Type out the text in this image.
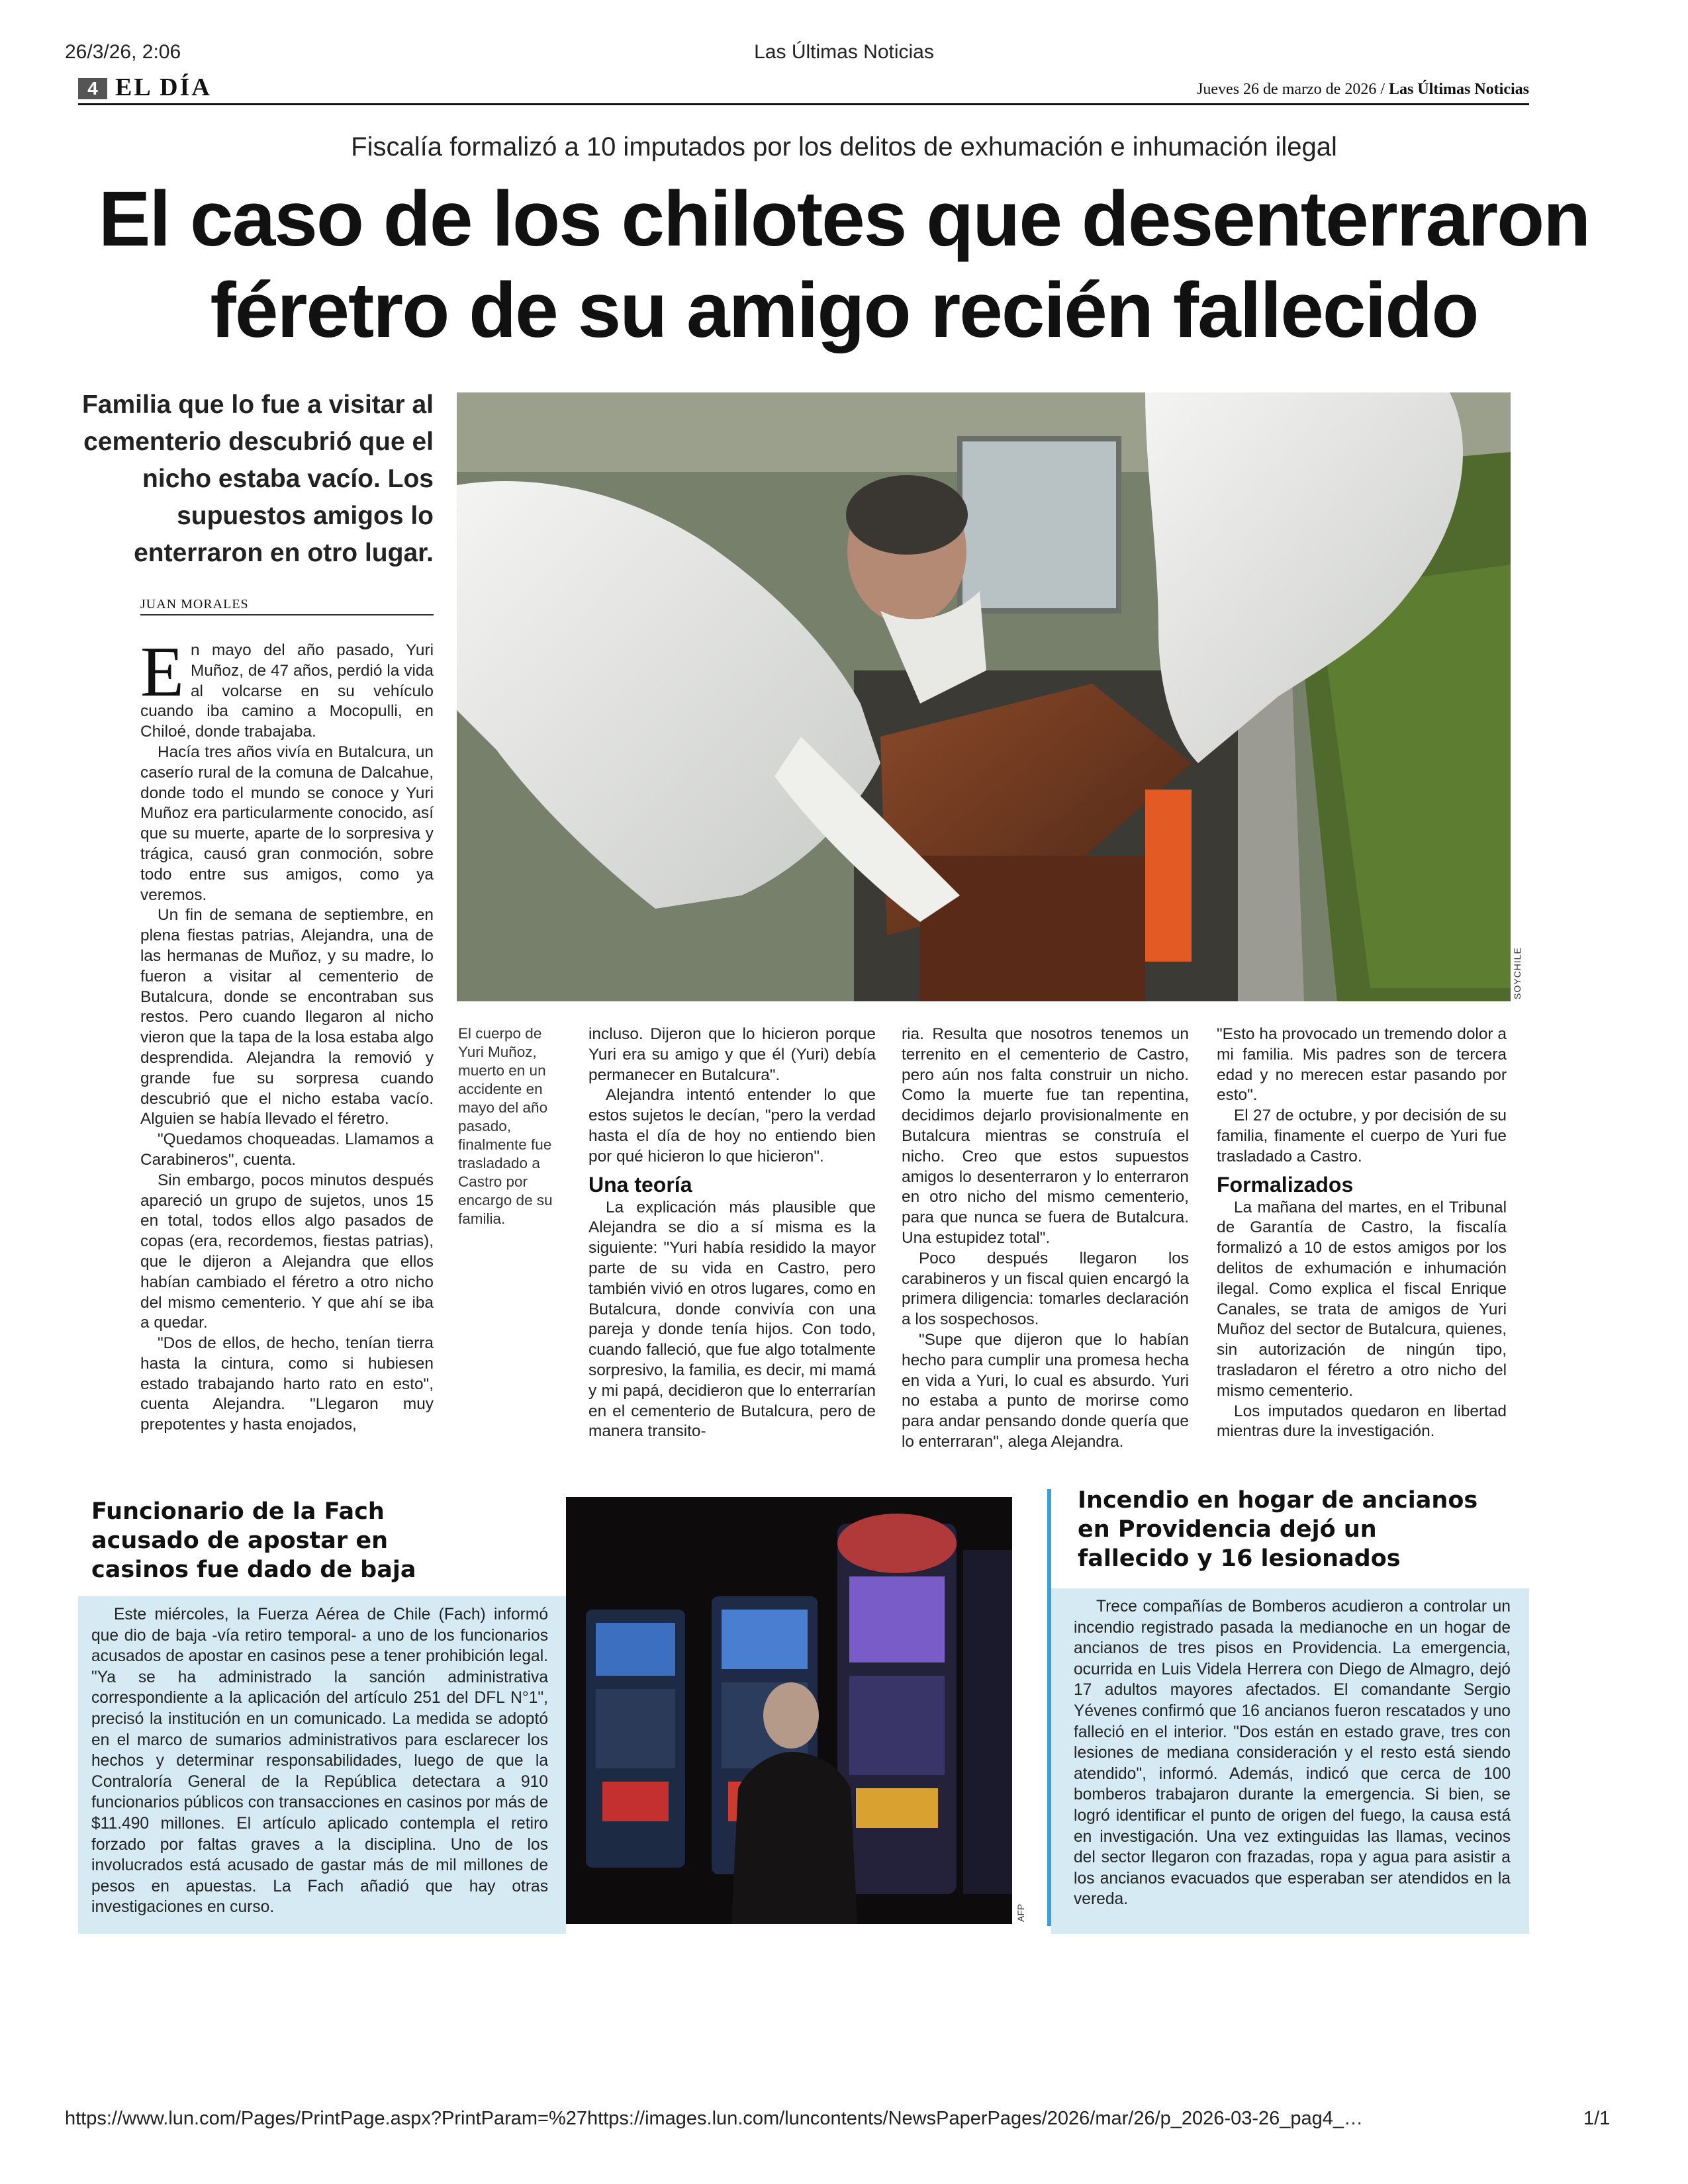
26/3/26, 2:06	Las Últimas Noticias
4 EL DÍA	Jueves 26 de marzo de 2026 / Las Últimas Noticias
Fiscalía formalizó a 10 imputados por los delitos de exhumación e inhumación ilegal
El caso de los chilotes que desenterraron
féretro de su amigo recién fallecido
Familia que lo fue a visitar al cementerio descubrió que el nicho estaba vacío. Los supuestos amigos lo enterraron en otro lugar.
JUAN MORALES

En mayo del año pasado, Yuri Muñoz, de 47 años, perdió la vida al volcarse en su vehículo cuando iba camino a Mocopulli, en Chiloé, donde trabajaba.

Hacía tres años vivía en Butalcura, un caserío rural de la comuna de Dalcahue, donde todo el mundo se conoce y Yuri Muñoz era particularmente conocido, así que su muerte, aparte de lo sorpresiva y trágica, causó gran conmoción, sobre todo entre sus amigos, como ya veremos.

Un fin de semana de septiembre, en plena fiestas patrias, Alejandra, una de las hermanas de Muñoz, y su madre, lo fueron a visitar al cementerio de Butalcura, donde se encontraban sus restos. Pero cuando llegaron al nicho vieron que la tapa de la losa estaba algo desprendida. Alejandra la removió y grande fue su sorpresa cuando descubrió que el nicho estaba vacío. Alguien se había llevado el féretro.

"Quedamos choqueadas. Llamamos a Carabineros", cuenta.

Sin embargo, pocos minutos después apareció un grupo de sujetos, unos 15 en total, todos ellos algo pasados de copas (era, recordemos, fiestas patrias), que le dijeron a Alejandra que ellos habían cambiado el féretro a otro nicho del mismo cementerio. Y que ahí se iba a quedar.

"Dos de ellos, de hecho, tenían tierra hasta la cintura, como si hubiesen estado trabajando harto rato en esto", cuenta Alejandra. "Llegaron muy prepotentes y hasta enojados,

SOYCHILE
El cuerpo de Yuri Muñoz, muerto en un accidente en mayo del año pasado, finalmente fue trasladado a Castro por encargo de su familia.

incluso. Dijeron que lo hicieron porque Yuri era su amigo y que él (Yuri) debía permanecer en Butalcura".

Alejandra intentó entender lo que estos sujetos le decían, "pero la verdad hasta el día de hoy no entiendo bien por qué hicieron lo que hicieron".

Una teoría

La explicación más plausible que Alejandra se dio a sí misma es la siguiente: "Yuri había residido la mayor parte de su vida en Castro, pero también vivió en otros lugares, como en Butalcura, donde convivía con una pareja y donde tenía hijos. Con todo, cuando falleció, que fue algo totalmente sorpresivo, la familia, es decir, mi mamá y mi papá, decidieron que lo enterrarían en el cementerio de Butalcura, pero de manera transito-

ria. Resulta que nosotros tenemos un terrenito en el cementerio de Castro, pero aún nos falta construir un nicho. Como la muerte fue tan repentina, decidimos dejarlo provisionalmente en Butalcura mientras se construía el nicho. Creo que estos supuestos amigos lo desenterraron y lo enterraron en otro nicho del mismo cementerio, para que nunca se fuera de Butalcura. Una estupidez total".

Poco después llegaron los carabineros y un fiscal quien encargó la primera diligencia: tomarles declaración a los sospechosos.

"Supe que dijeron que lo habían hecho para cumplir una promesa hecha en vida a Yuri, lo cual es absurdo. Yuri no estaba a punto de morirse como para andar pensando donde quería que lo enterraran", alega Alejandra.

"Esto ha provocado un tremendo dolor a mi familia. Mis padres son de tercera edad y no merecen estar pasando por esto".

El 27 de octubre, y por decisión de su familia, finamente el cuerpo de Yuri fue trasladado a Castro.

Formalizados

La mañana del martes, en el Tribunal de Garantía de Castro, la fiscalía formalizó a 10 de estos amigos por los delitos de exhumación e inhumación ilegal. Como explica el fiscal Enrique Canales, se trata de amigos de Yuri Muñoz del sector de Butalcura, quienes, sin autorización de ningún tipo, trasladaron el féretro a otro nicho del mismo cementerio.

Los imputados quedaron en libertad mientras dure la investigación.

Funcionario de la Fach acusado de apostar en casinos fue dado de baja

Este miércoles, la Fuerza Aérea de Chile (Fach) informó que dio de baja -vía retiro temporal- a uno de los funcionarios acusados de apostar en casinos pese a tener prohibición legal. "Ya se ha administrado la sanción administrativa correspondiente a la aplicación del artículo 251 del DFL N°1", precisó la institución en un comunicado. La medida se adoptó en el marco de sumarios administrativos para esclarecer los hechos y determinar responsabilidades, luego de que la Contraloría General de la República detectara a 910 funcionarios públicos con transacciones en casinos por más de $11.490 millones. El artículo aplicado contempla el retiro forzado por faltas graves a la disciplina. Uno de los involucrados está acusado de gastar más de mil millones de pesos en apuestas. La Fach añadió que hay otras investigaciones en curso.	AFP
Incendio en hogar de ancianos en Providencia dejó un fallecido y 16 lesionados

Trece compañías de Bomberos acudieron a controlar un incendio registrado pasada la medianoche en un hogar de ancianos de tres pisos en Providencia. La emergencia, ocurrida en Luis Videla Herrera con Diego de Almagro, dejó 17 adultos mayores afectados. El comandante Sergio Yévenes confirmó que 16 ancianos fueron rescatados y uno falleció en el interior. "Dos están en estado grave, tres con lesiones de mediana consideración y el resto está siendo atendido", informó. Además, indicó que cerca de 100 bomberos trabajaron durante la emergencia. Si bien, se logró identificar el punto de origen del fuego, la causa está en investigación. Una vez extinguidas las llamas, vecinos del sector llegaron con frazadas, ropa y agua para asistir a los ancianos evacuados que esperaban ser atendidos en la vereda.

https://www.lun.com/Pages/PrintPage.aspx?PrintParam=%27https://images.lun.com/luncontents/NewsPaperPages/2026/mar/26/p_2026-03-26_pag4_…	1/1
